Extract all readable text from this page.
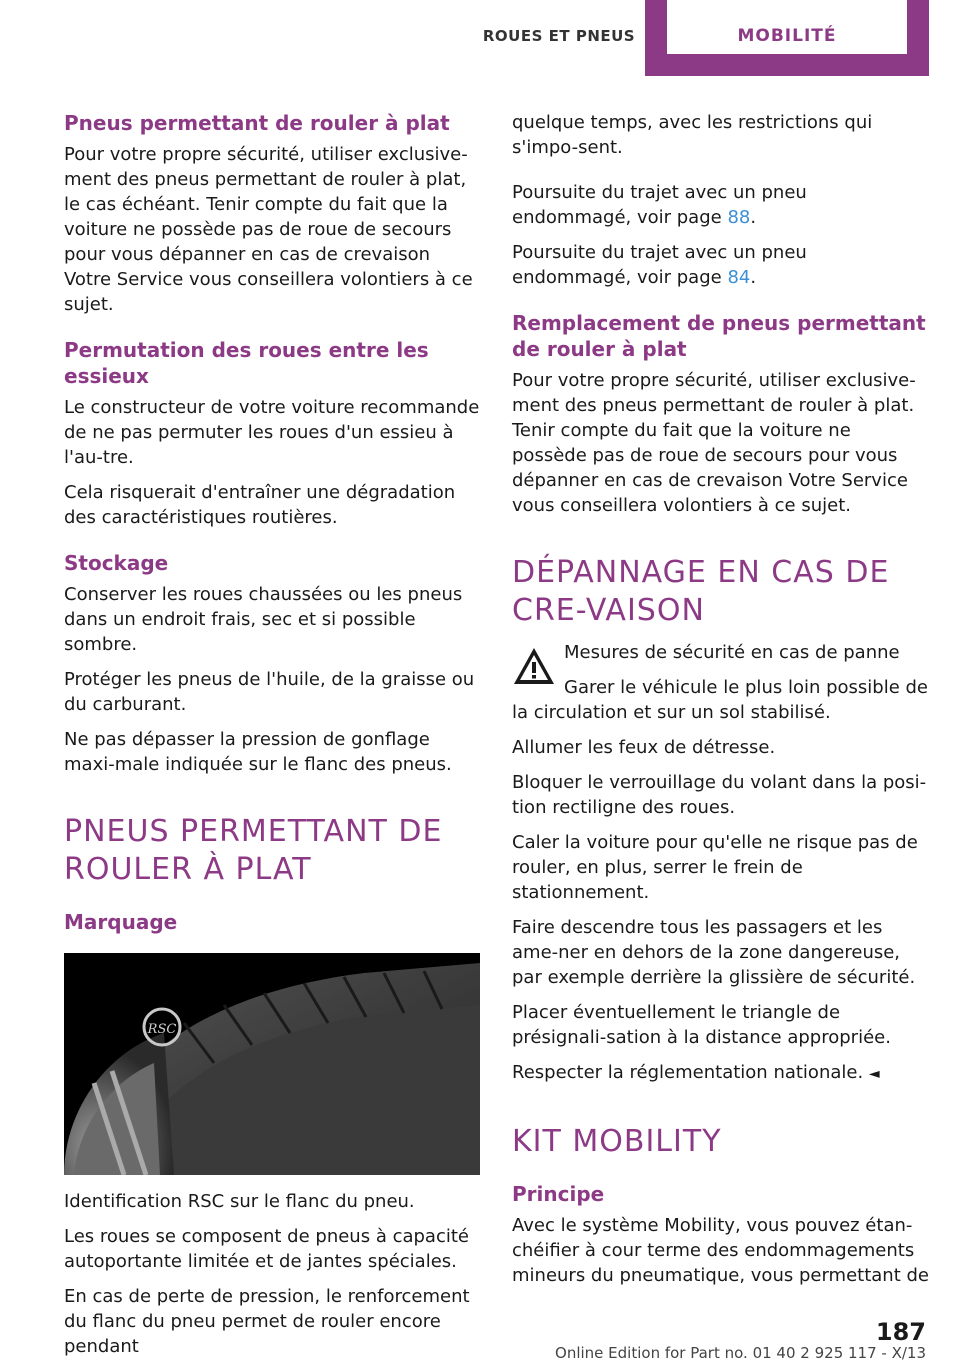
ROUES ET PNEUS	MOBILITÉ
Pneus permettant de rouler à plat

Pour votre propre sécurité, utiliser exclusive-ment des pneus permettant de rouler à plat, le cas échéant. Tenir compte du fait que la voiture ne possède pas de roue de secours pour vous dépanner en cas de crevaison Votre Service vous conseillera volontiers à ce sujet.

Permutation des roues entre les essieux

Le constructeur de votre voiture recommande de ne pas permuter les roues d'un essieu à l'au-tre.

Cela risquerait d'entraîner une dégradation des caractéristiques routières.

Stockage

Conserver les roues chaussées ou les pneus dans un endroit frais, sec et si possible sombre.

Protéger les pneus de l'huile, de la graisse ou du carburant.

Ne pas dépasser la pression de gonflage maxi-male indiquée sur le flanc des pneus.

PNEUS PERMETTANT DE ROULER À PLAT
Marquage
RSC

Identification RSC sur le flanc du pneu.

Les roues se composent de pneus à capacité autoportante limitée et de jantes spéciales.

En cas de perte de pression, le renforcement du flanc du pneu permet de rouler encore pendant

quelque temps, avec les restrictions qui s'impo-sent.

Poursuite du trajet avec un pneu endommagé, voir page 88.

Poursuite du trajet avec un pneu endommagé, voir page 84.

Remplacement de pneus permettant de rouler à plat

Pour votre propre sécurité, utiliser exclusive-ment des pneus permettant de rouler à plat. Tenir compte du fait que la voiture ne possède pas de roue de secours pour vous dépanner en cas de crevaison Votre Service vous conseillera volontiers à ce sujet.

DÉPANNAGE EN CAS DE CRE-VAISON

Mesures de sécurité en cas de panne

Garer le véhicule le plus loin possible de la circulation et sur un sol stabilisé.

Allumer les feux de détresse.

Bloquer le verrouillage du volant dans la posi-tion rectiligne des roues.

Caler la voiture pour qu'elle ne risque pas de rouler, en plus, serrer le frein de stationnement.

Faire descendre tous les passagers et les ame-ner en dehors de la zone dangereuse, par exemple derrière la glissière de sécurité.

Placer éventuellement le triangle de présignali-sation à la distance appropriée.

Respecter la réglementation nationale. ◄

KIT MOBILITY
Principe

Avec le système Mobility, vous pouvez étan-chéifier à cour terme des endommagements mineurs du pneumatique, vous permettant de

187
Online Edition for Part no. 01 40 2 925 117 - X/13
